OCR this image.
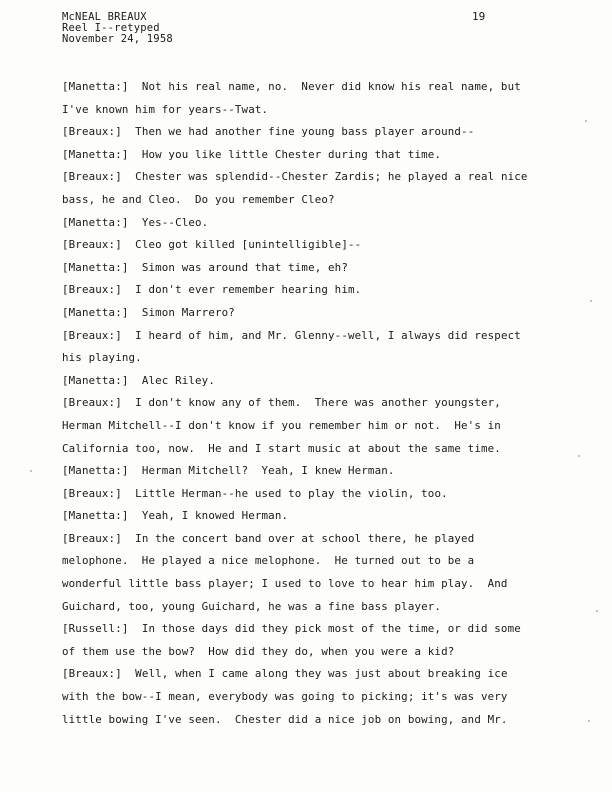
McNEAL BREAUX
Reel I--retyped
November 24, 1958
19
[ Manetta: ]  Not his real name, no.  Never did know his real name, but
I've known him for years--Twat.
[ Breaux: ]  Then we had another fine young bass player around--
[ Manetta: ]  How you like little Chester during that time.
[ Breaux: ]  Chester was splendid--Chester Zardis; he played a real nice
bass, he and Cleo.  Do you remember Cleo?
[ Manetta: ]  Yes--Cleo.
[ Breaux: ]  Cleo got killed [unintelligible]--
[ Manetta: ]  Simon was around that time, eh?
[ Breaux: ]  I don't ever remember hearing him.
[ Manetta: ]  Simon Marrero?
[ Breaux: ]  I heard of him, and Mr. Glenny--well, I always did respect
his playing.
[ Manetta: ]  Alec Riley.
[ Breaux: ]  I don't know any of them.  There was another youngster,
Herman Mitchell--I don't know if you remember him or not.  He's in
California too, now.  He and I start music at about the same time.
[ Manetta: ]  Herman Mitchell?  Yeah, I knew Herman.
[ Breaux: ]  Little Herman--he used to play the violin, too.
[ Manetta: ]  Yeah, I knowed Herman.
[ Breaux: ]  In the concert band over at school there, he played
melophone.  He played a nice melophone.  He turned out to be a
wonderful little bass player; I used to love to hear him play.  And
Guichard, too, young Guichard, he was a fine bass player.
[ Russell: ]  In those days did they pick most of the time, or did some
of them use the bow?  How did they do, when you were a kid?
[ Breaux: ]  Well, when I came along they was just about breaking ice
with the bow--I mean, everybody was going to picking; it's was very
little bowing I've seen.  Chester did a nice job on bowing, and Mr.
